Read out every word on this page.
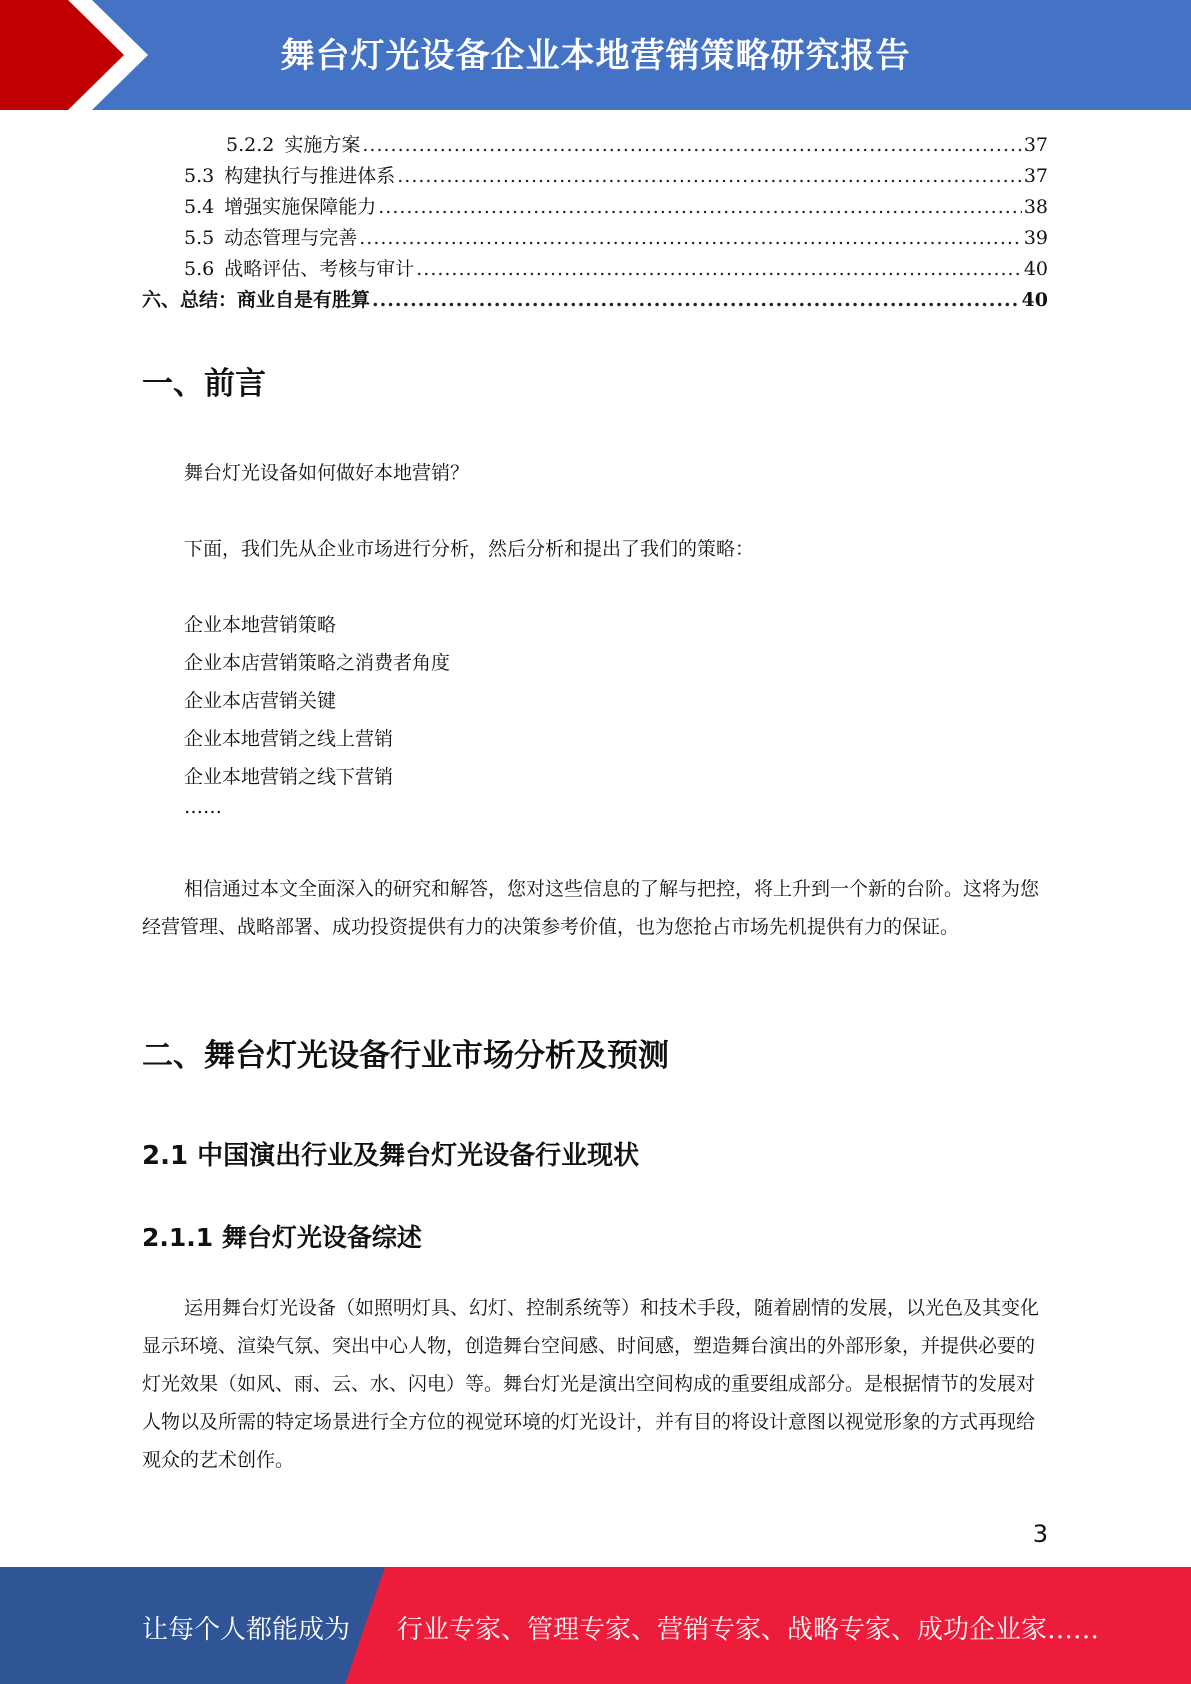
舞台灯光设备企业本地营销策略研究报告
5.2.2 实施方案 .....	37
5.3 构建执行与推进体系 .....	37
5.4 增强实施保障能力 .....	38
5.5 动态管理与完善 .....	39
5.6 战略评估、考核与审计 .....	40
六、总结：商业自是有胜算 .....	40
一、前言
舞台灯光设备如何做好本地营销？
下面，我们先从企业市场进行分析，然后分析和提出了我们的策略：
企业本地营销策略
企业本店营销策略之消费者角度
企业本店营销关键
企业本地营销之线上营销
企业本地营销之线下营销
……
相信通过本文全面深入的研究和解答，您对这些信息的了解与把控，将上升到一个新的台阶。这将为您经营管理、战略部署、成功投资提供有力的决策参考价值，也为您抢占市场先机提供有力的保证。
二、舞台灯光设备行业市场分析及预测
2.1 中国演出行业及舞台灯光设备行业现状
2.1.1 舞台灯光设备综述
运用舞台灯光设备（如照明灯具、幻灯、控制系统等）和技术手段，随着剧情的发展，以光色及其变化显示环境、渲染气氛、突出中心人物，创造舞台空间感、时间感，塑造舞台演出的外部形象，并提供必要的灯光效果（如风、雨、云、水、闪电）等。舞台灯光是演出空间构成的重要组成部分。是根据情节的发展对人物以及所需的特定场景进行全方位的视觉环境的灯光设计，并有目的将设计意图以视觉形象的方式再现给观众的艺术创作。
3
让每个人都能成为 行业专家、管理专家、营销专家、战略专家、成功企业家……
